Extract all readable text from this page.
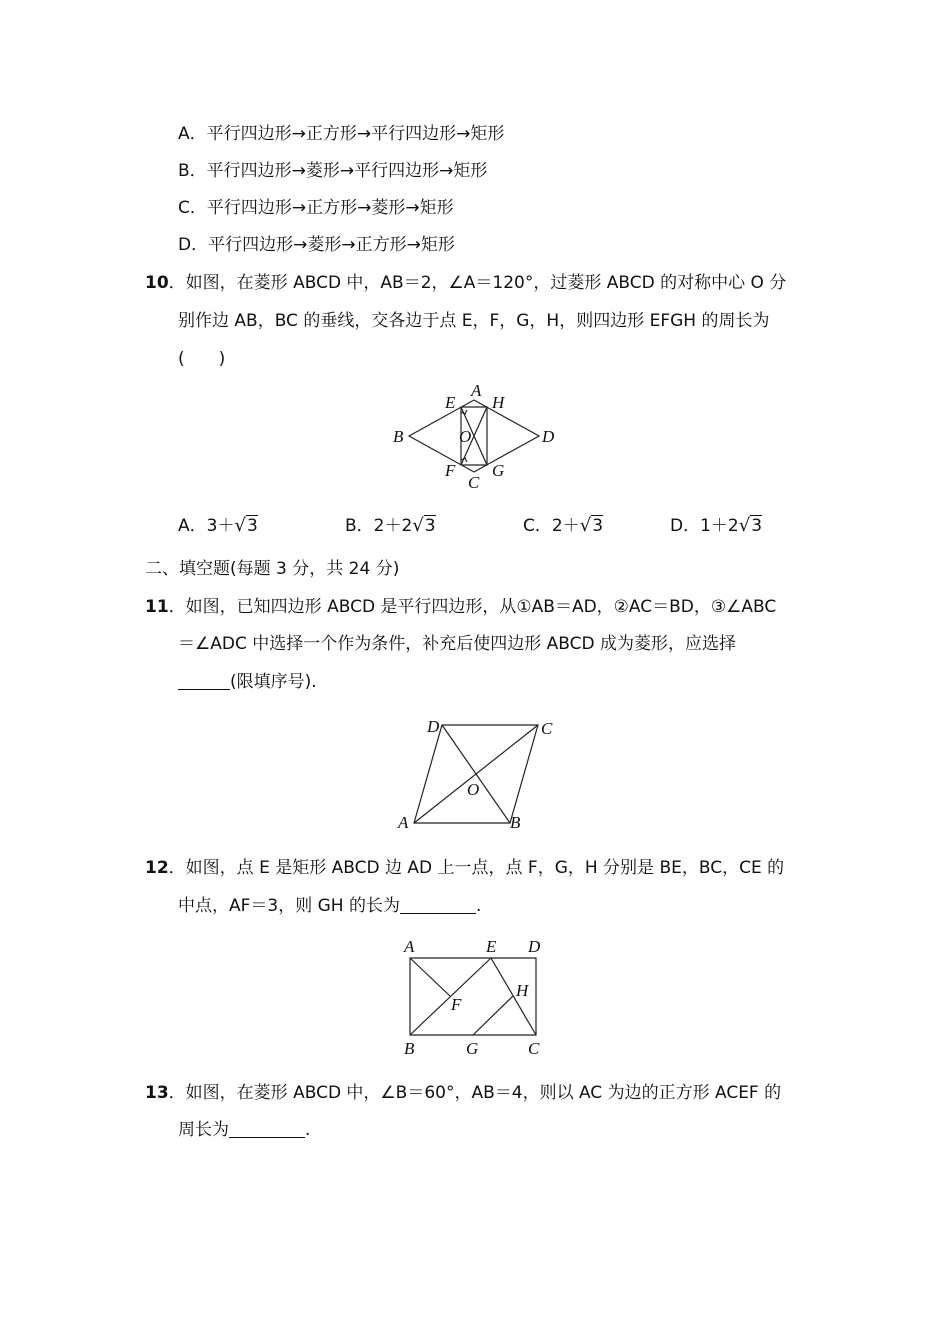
A．平行四边形→正方形→平行四边形→矩形
B．平行四边形→菱形→平行四边形→矩形
C．平行四边形→正方形→菱形→矩形
D．平行四边形→菱形→正方形→矩形
10．如图，在菱形 ABCD 中，AB＝2，∠A＝120°，过菱形 ABCD 的对称中心 O 分
别作边 AB，BC 的垂线，交各边于点 E，F，G，H，则四边形 EFGH 的周长为
(　　)
A
E H
B	O	D
F G
C
A．3＋√3	B．2＋2√3	C．2＋√3	D．1＋2√3
二、填空题(每题 3 分，共 24 分)
11．如图，已知四边形 ABCD 是平行四边形，从①AB＝AD，②AC＝BD，③∠ABC
＝∠ADC 中选择一个作为条件，补充后使四边形 ABCD 成为菱形，应选择
(限填序号).
D	C
O
A	B
12．如图，点 E 是矩形 ABCD 边 AD 上一点，点 F，G，H 分别是 BE，BC，CE 的
中点，AF＝3，则 GH 的长为	.
A	E D
H
F
B	G	C
13．如图，在菱形 ABCD 中，∠B＝60°，AB＝4，则以 AC 为边的正方形 ACEF 的
周长为	.
